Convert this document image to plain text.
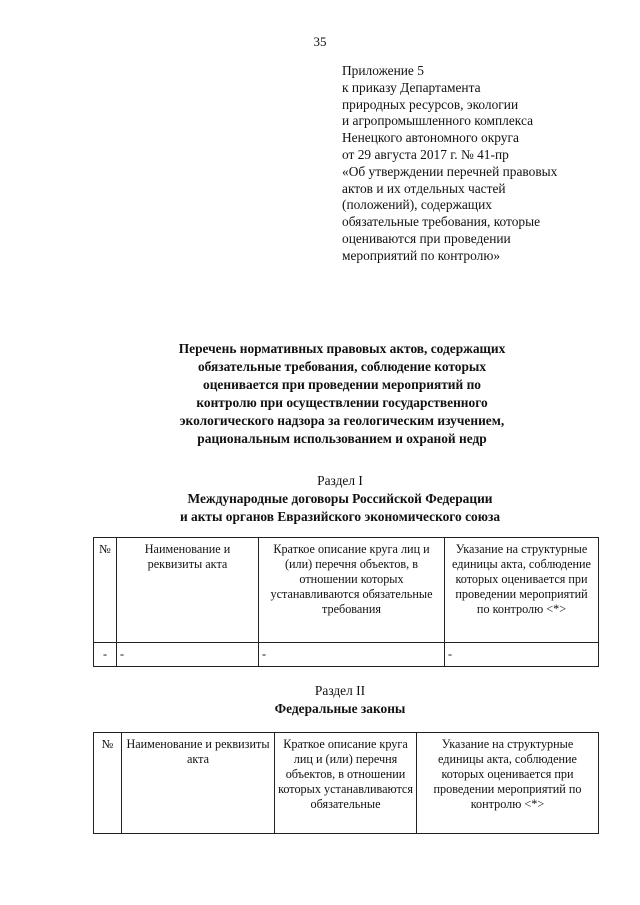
35
Приложение 5
к приказу Департамента
природных ресурсов, экологии
и агропромышленного комплекса
Ненецкого автономного округа
от 29 августа 2017 г. № 41-пр
«Об утверждении перечней правовых
актов и их отдельных частей
(положений), содержащих
обязательные требования, которые
оцениваются при проведении
мероприятий по контролю»
Перечень нормативных правовых актов, содержащих
обязательные требования, соблюдение которых
оценивается при проведении мероприятий по
контролю при осуществлении государственного
экологического надзора за геологическим изучением,
рациональным использованием и охраной недр
Раздел I
Международные договоры Российской Федерации
и акты органов Евразийского экономического союза
№	Наименование и реквизиты акта	Краткое описание круга лиц и (или) перечня объектов, в отношении которых устанавливаются обязательные требования	Указание на структурные единицы акта, соблюдение которых оценивается при проведении мероприятий по контролю <*>
-	-	-	-
Раздел II
Федеральные законы
№	Наименование и реквизиты акта	Краткое описание круга лиц и (или) перечня объектов, в отношении которых устанавливаются обязательные	Указание на структурные единицы акта, соблюдение которых оценивается при проведении мероприятий по контролю <*>
